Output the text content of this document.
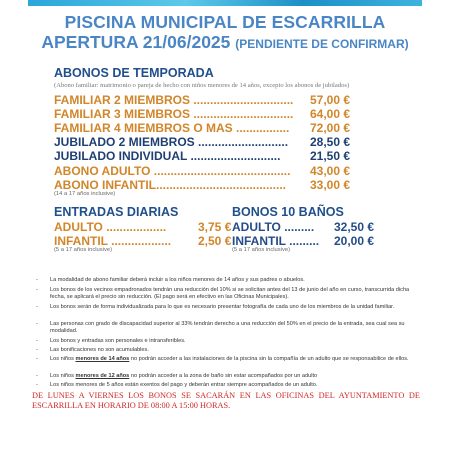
PISCINA MUNICIPAL DE ESCARRILLA
APERTURA 21/06/2025 (PENDIENTE DE CONFIRMAR)
ABONOS DE TEMPORADA
(Abono familiar: matrimonio o pareja de hecho con niños menores de 14 años, excepto los abonos de jubilados)
FAMILIAR 2 MIEMBROS .............................. 57,00 €
FAMILIAR 3 MIEMBROS .............................. 64,00 €
FAMILIAR 4 MIEMBROS O MAS ................ 72,00 €
JUBILADO 2 MIEMBROS ........................... 28,50 €
JUBILADO INDIVIDUAL ........................... 21,50 €
ABONO ADULTO ......................................... 43,00 €
ABONO INFANTIL....................................... 33,00 €
(14 a 17 años inclusive)
ENTRADAS DIARIAS
ADULTO ..................	3,75 €
INFANTIL .................. 2,50 €
(5 a 17 años inclusive)
BONOS 10 BAÑOS
ADULTO ......... 32,50 €
INFANTIL ......... 20,00 €
(5 a 17 años inclusive)
- La modalidad de abono familiar deberá incluir a los niños menores de 14 años y sus padres o abuelos.
- Los bonos de los vecinos empadronados tendrán una reducción del 10% si se solicitan antes del 13 de junio del año en curso, transcurrida dicha fecha, se aplicará el precio sin reducción. (El pago será en efectivo en las Oficinas Municipales).
- Los bonos serán de forma individualizada para lo que es necesario presentar fotografía de cada uno de los miembros de la unidad familiar.
- Las personas con grado de discapacidad superior al 33% tendrán derecho a una reducción del 50% en el precio de la entrada, sea cual sea su modalidad.
- Los bonos y entradas son personales e intransferibles.
- Las bonificaciones no son acumulables.
- Los niños menores de 14 años no podrán acceder a las instalaciones de la piscina sin la compañía de un adulto que se responsabilice de ellos.
- Los niños menores de 12 años no podrán acceder a la zona de baño sin estar acompañados por un adulto
- Los niños menores de 5 años están exentos del pago y deberán entrar siempre acompañados de un adulto.
DE LUNES A VIERNES LOS BONOS SE SACARÁN EN LAS OFICINAS DEL AYUNTAMIENTO DE ESCARRILLA EN HORARIO DE 08:00 A 15:00 HORAS.
